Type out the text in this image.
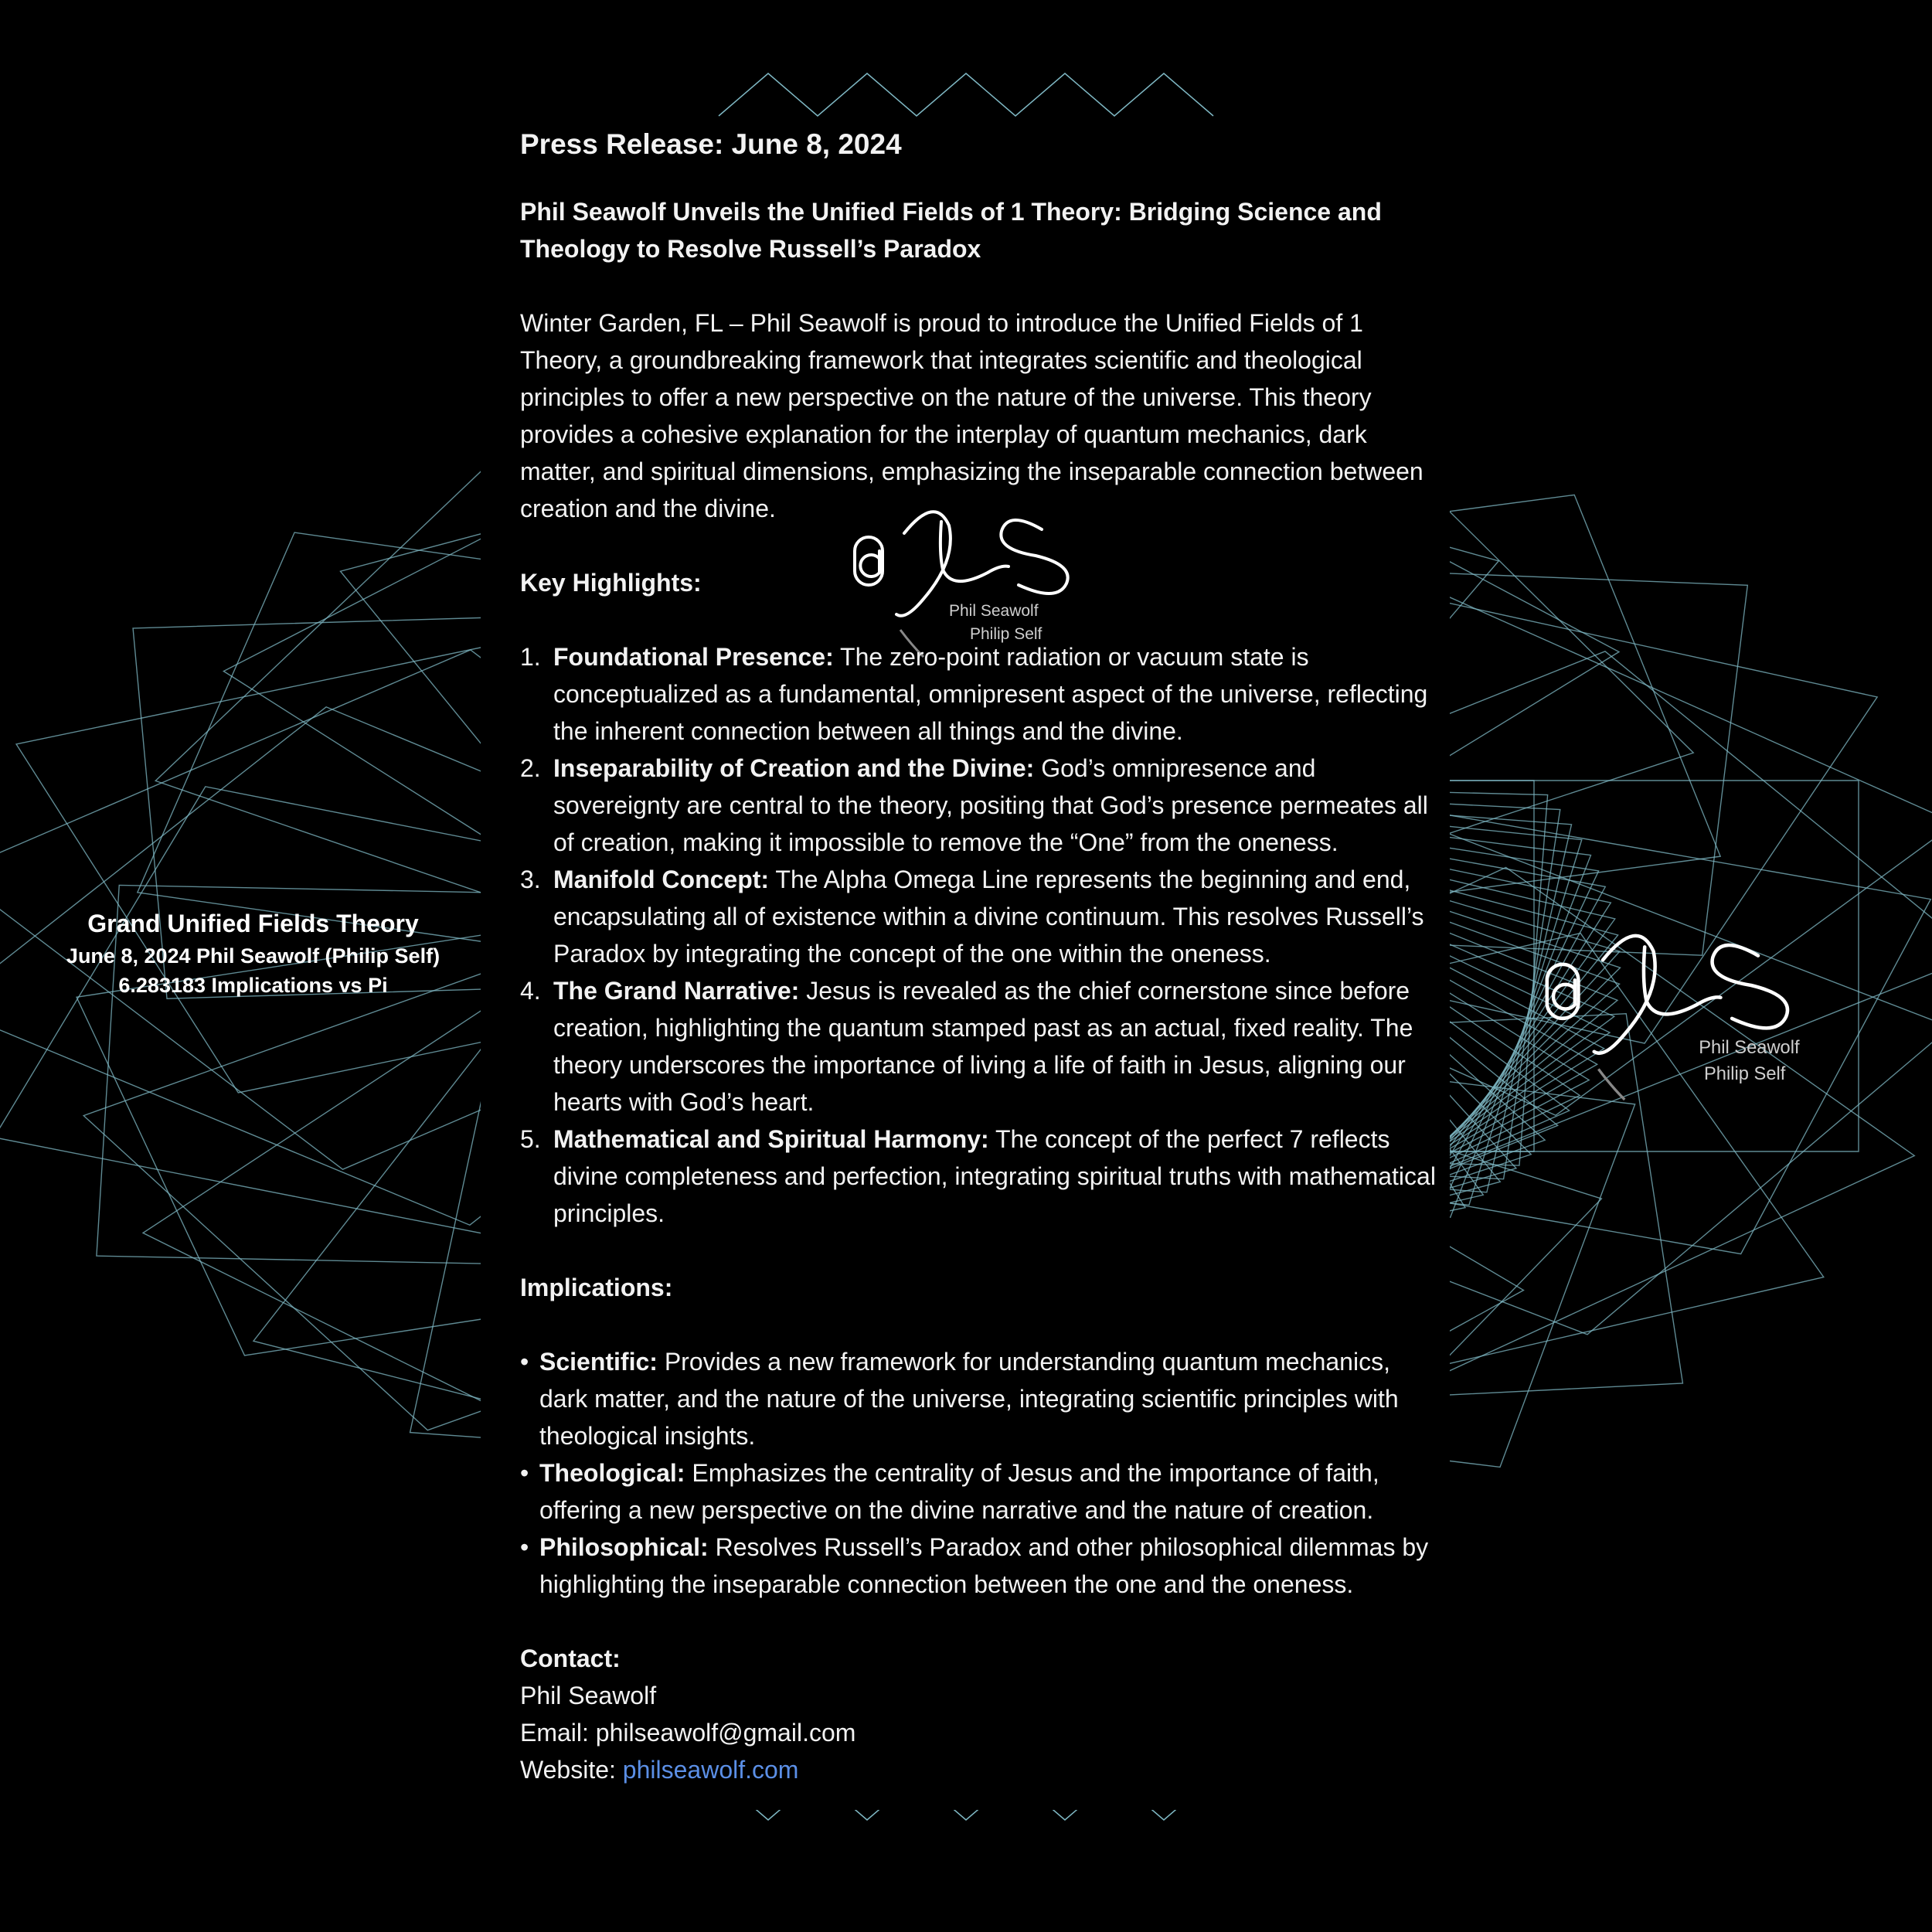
Grand Unified Fields Theory
June 8, 2024 Phil Seawolf (Philip Self)
6.283183 Implications vs Pi
Phil Seawolf
Philip Self
Phil Seawolf
Philip Self

Press Release: June 8, 2024

Phil Seawolf Unveils the Unified Fields of 1 Theory: Bridging Science and Theology to Resolve Russell’s Paradox

Winter Garden, FL – Phil Seawolf is proud to introduce the Unified Fields of 1 Theory, a groundbreaking framework that integrates scientific and theological principles to offer a new perspective on the nature of the universe. This theory provides a cohesive explanation for the interplay of quantum mechanics, dark matter, and spiritual dimensions, emphasizing the inseparable connection between creation and the divine.

Key Highlights:

1. Foundational Presence: The zero-point radiation or vacuum state is conceptualized as a fundamental, omnipresent aspect of the universe, reflecting the inherent connection between all things and the divine.
2. Inseparability of Creation and the Divine: God’s omnipresence and sovereignty are central to the theory, positing that God’s presence permeates all of creation, making it impossible to remove the “One” from the oneness.
3. Manifold Concept: The Alpha Omega Line represents the beginning and end, encapsulating all of existence within a divine continuum. This resolves Russell’s Paradox by integrating the concept of the one within the oneness.
4. The Grand Narrative: Jesus is revealed as the chief cornerstone since before creation, highlighting the quantum stamped past as an actual, fixed reality. The theory underscores the importance of living a life of faith in Jesus, aligning our hearts with God’s heart.
5. Mathematical and Spiritual Harmony: The concept of the perfect 7 reflects divine completeness and perfection, integrating spiritual truths with mathematical principles.

Implications:

• Scientific: Provides a new framework for understanding quantum mechanics, dark matter, and the nature of the universe, integrating scientific principles with theological insights.
• Theological: Emphasizes the centrality of Jesus and the importance of faith, offering a new perspective on the divine narrative and the nature of creation.
• Philosophical: Resolves Russell’s Paradox and other philosophical dilemmas by highlighting the inseparable connection between the one and the oneness.

Contact:

Phil Seawolf

Email: philseawolf@gmail.com

Website: philseawolf.com
